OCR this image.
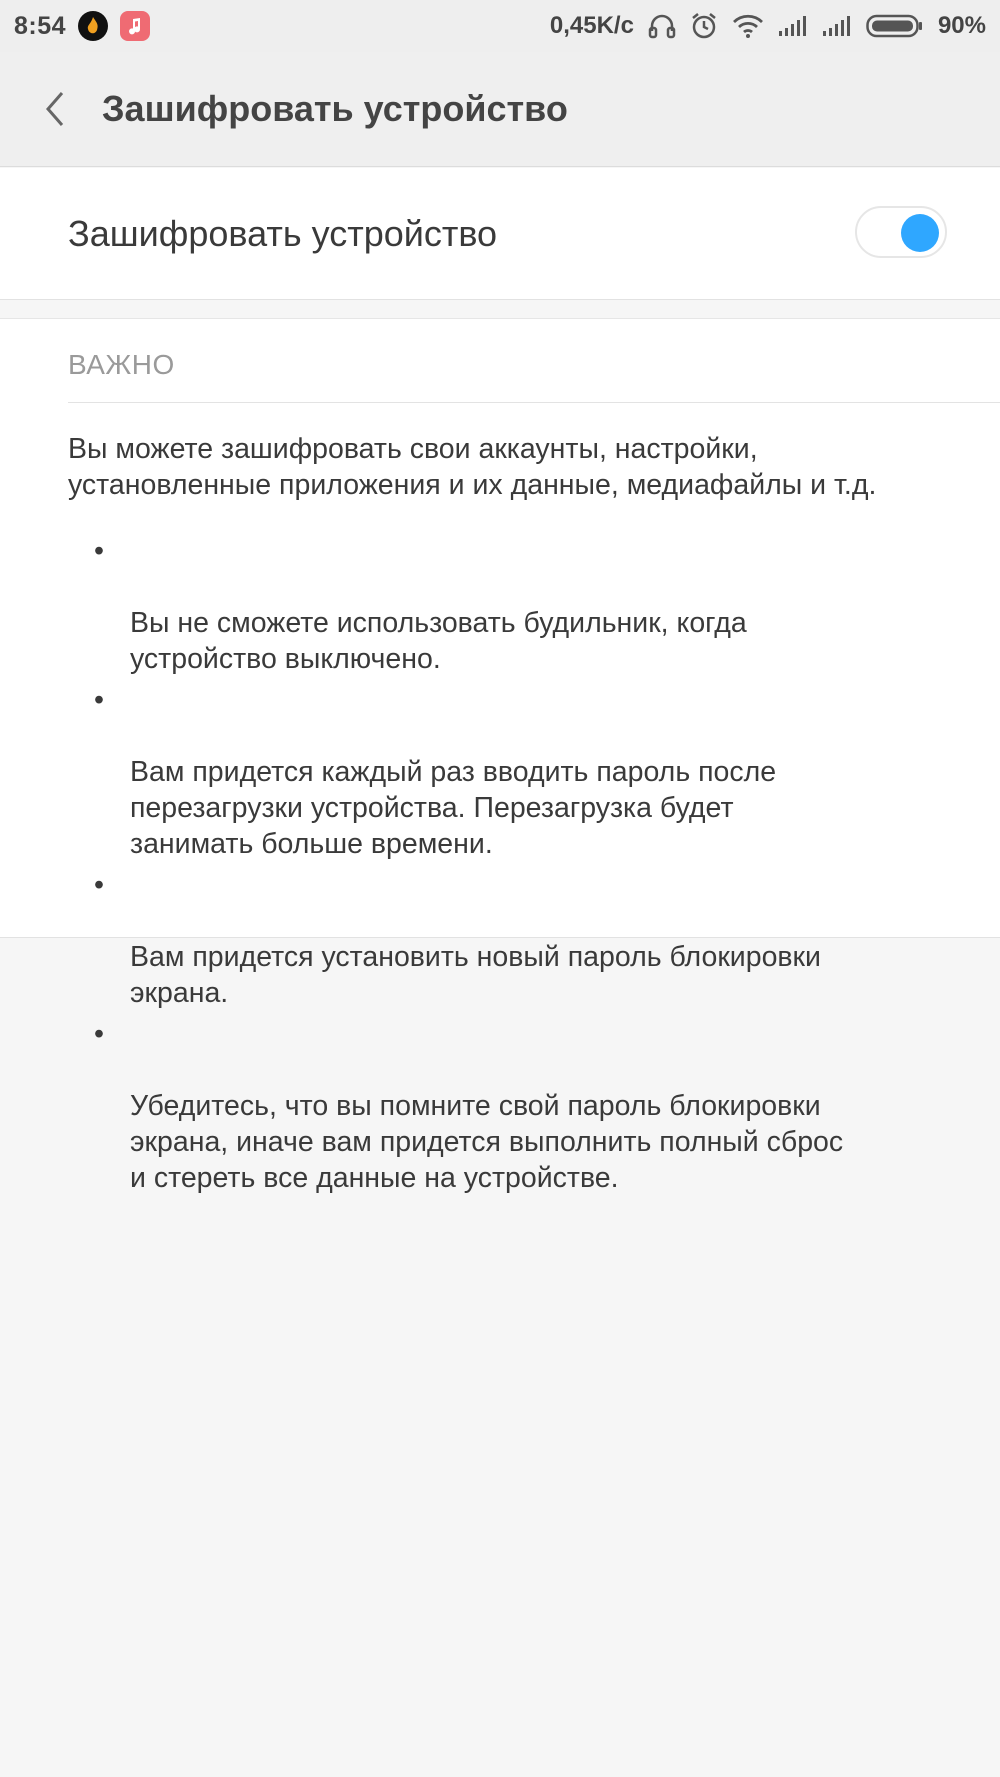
8:54	0,45K/c	90%
Зашифровать устройство
Зашифровать устройство
ВАЖНО
Вы можете зашифровать свои аккаунты, настройки,
установленные приложения и их данные, медиафайлы и т.д.

•

Вы не сможете использовать будильник, когда
устройство выключено.

•

Вам придется каждый раз вводить пароль после
перезагрузки устройства. Перезагрузка будет
занимать больше времени.

•

Вам придется установить новый пароль блокировки
экрана.

•

Убедитесь, что вы помните свой пароль блокировки
экрана, иначе вам придется выполнить полный сброс
и стереть все данные на устройстве.
